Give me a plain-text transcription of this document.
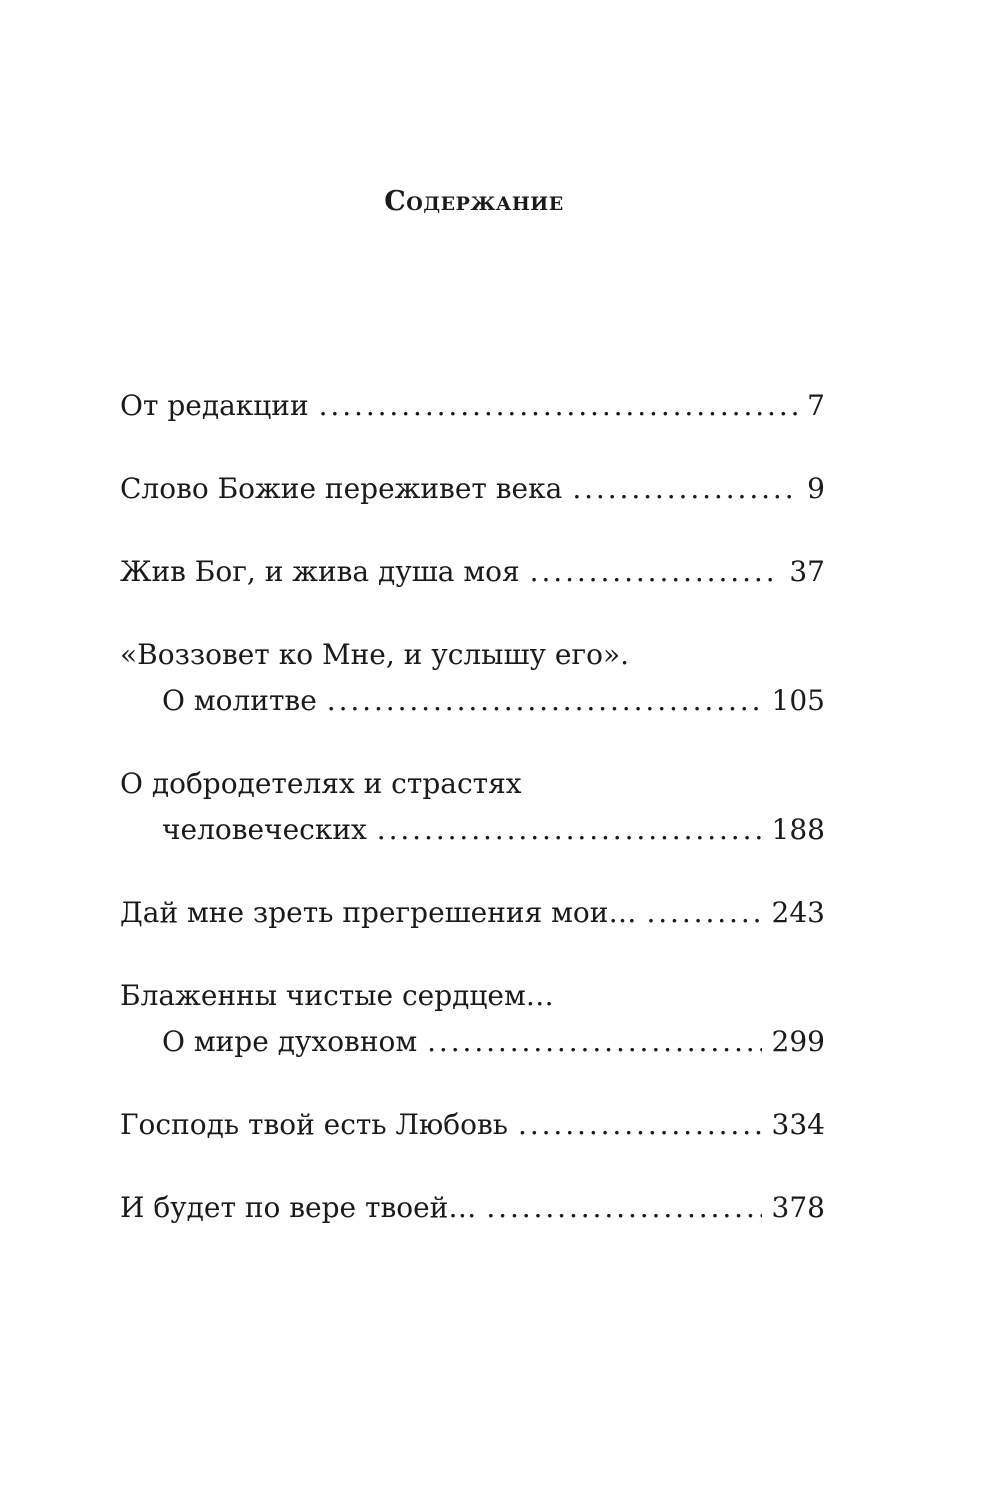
Содержание
От редакции . . .	7
Слово Божие переживет века . . .	9
Жив Бог, и жива душа моя . . .	37
«Воззовет ко Мне, и услышу его».
О молитве . . .	105
О добродетелях и страстях
человеческих . . .	188
Дай мне зреть прегрешения мои… . . .	243
Блаженны чистые сердцем…
О мире духовном . . .	299
Господь твой есть Любовь . . .	334
И будет по вере твоей… . . .	378
